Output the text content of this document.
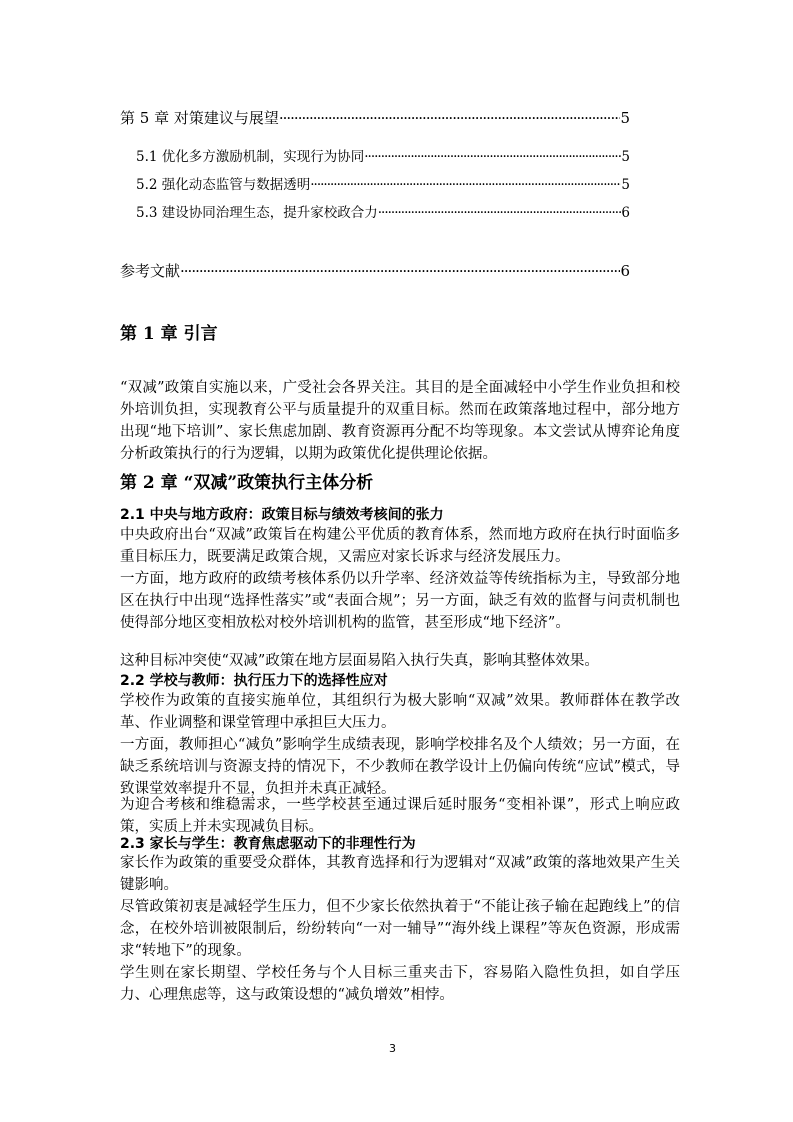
第 5 章 对策建议与展望 ·····	5
5.1 优化多方激励机制，实现行为协同 ·····	5
5.2 强化动态监管与数据透明 ·····	5
5.3 建设协同治理生态，提升家校政合力 ·····	6
参考文献 ·····	6
第 1 章 引言

“双减”政策自实施以来，广受社会各界关注。其目的是全面减轻中小学生作业负担和校外培训负担，实现教育公平与质量提升的双重目标。然而在政策落地过程中，部分地方出现“地下培训”、家长焦虑加剧、教育资源再分配不均等现象。本文尝试从博弈论角度分析政策执行的行为逻辑，以期为政策优化提供理论依据。

第 2 章 “双减”政策执行主体分析
2.1 中央与地方政府：政策目标与绩效考核间的张力

中央政府出台“双减”政策旨在构建公平优质的教育体系，然而地方政府在执行时面临多重目标压力，既要满足政策合规，又需应对家长诉求与经济发展压力。

一方面，地方政府的政绩考核体系仍以升学率、经济效益等传统指标为主，导致部分地区在执行中出现“选择性落实”或“表面合规”；另一方面，缺乏有效的监督与问责机制也使得部分地区变相放松对校外培训机构的监管，甚至形成“地下经济”。

这种目标冲突使“双减”政策在地方层面易陷入执行失真，影响其整体效果。

2.2 学校与教师：执行压力下的选择性应对

学校作为政策的直接实施单位，其组织行为极大影响“双减”效果。教师群体在教学改革、作业调整和课堂管理中承担巨大压力。

一方面，教师担心“减负”影响学生成绩表现，影响学校排名及个人绩效；另一方面，在缺乏系统培训与资源支持的情况下，不少教师在教学设计上仍偏向传统“应试”模式，导致课堂效率提升不显，负担并未真正减轻。

为迎合考核和维稳需求，一些学校甚至通过课后延时服务“变相补课”，形式上响应政策，实质上并未实现减负目标。

2.3 家长与学生：教育焦虑驱动下的非理性行为

家长作为政策的重要受众群体，其教育选择和行为逻辑对“双减”政策的落地效果产生关键影响。

尽管政策初衷是减轻学生压力，但不少家长依然执着于“不能让孩子输在起跑线上”的信念，在校外培训被限制后，纷纷转向“一对一辅导”“海外线上课程”等灰色资源，形成需求“转地下”的现象。

学生则在家长期望、学校任务与个人目标三重夹击下，容易陷入隐性负担，如自学压力、心理焦虑等，这与政策设想的“减负增效”相悖。

3
